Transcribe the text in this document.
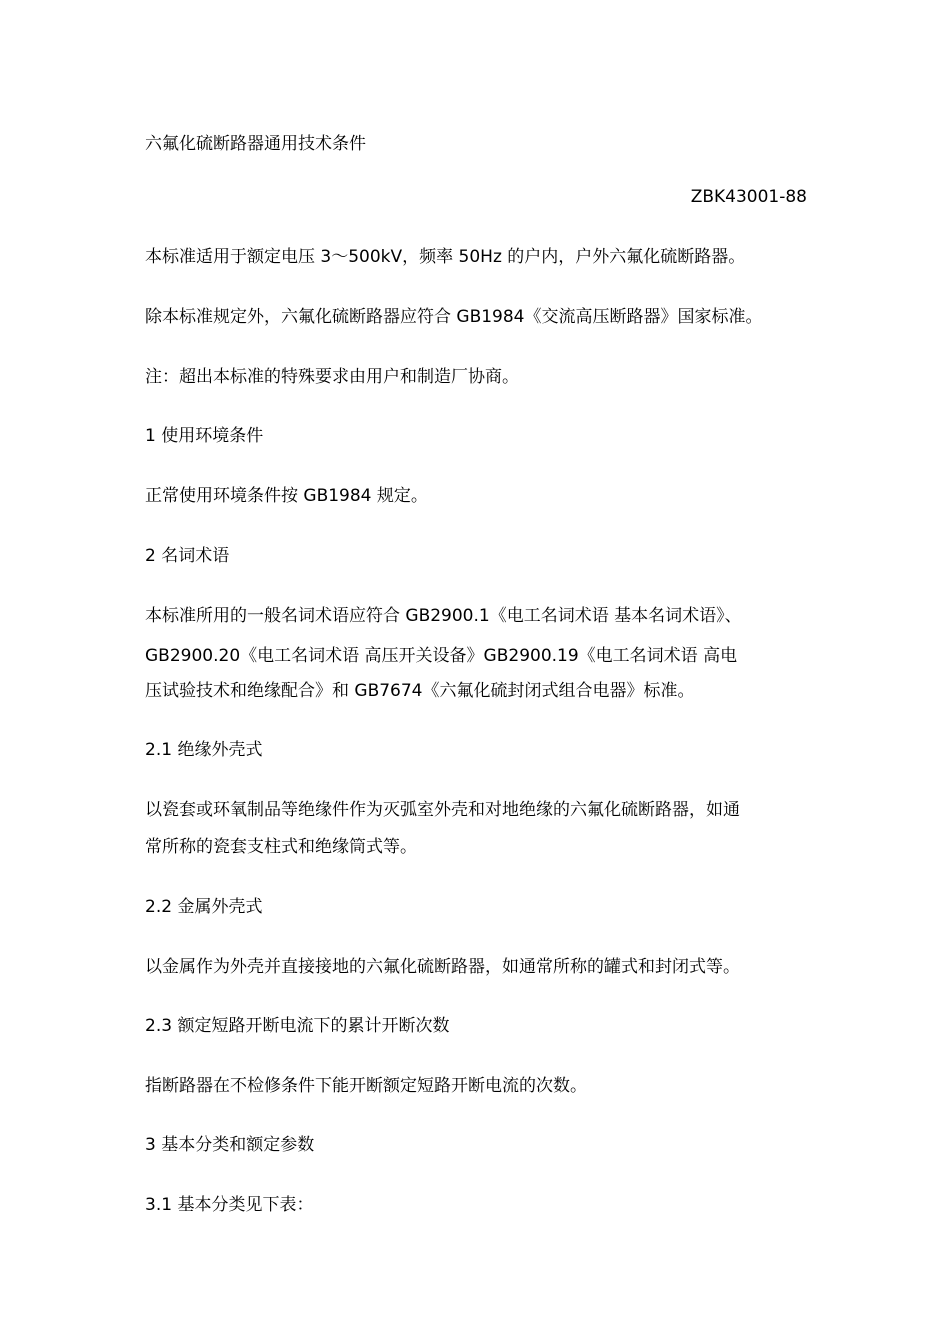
六氟化硫断路器通用技术条件
ZBK43001-88
本标准适用于额定电压 3～500kV，频率 50Hz 的户内，户外六氟化硫断路器。
除本标准规定外，六氟化硫断路器应符合 GB1984《交流高压断路器》国家标准。
注：超出本标准的特殊要求由用户和制造厂协商。
1 使用环境条件
正常使用环境条件按 GB1984 规定。
2 名词术语
本标准所用的一般名词术语应符合 GB2900.1《电工名词术语 基本名词术语》、
GB2900.20《电工名词术语 高压开关设备》GB2900.19《电工名词术语 高电
压试验技术和绝缘配合》和 GB7674《六氟化硫封闭式组合电器》标准。
2.1 绝缘外壳式
以瓷套或环氧制品等绝缘件作为灭弧室外壳和对地绝缘的六氟化硫断路器，如通
常所称的瓷套支柱式和绝缘筒式等。
2.2 金属外壳式
以金属作为外壳并直接接地的六氟化硫断路器，如通常所称的罐式和封闭式等。
2.3 额定短路开断电流下的累计开断次数
指断路器在不检修条件下能开断额定短路开断电流的次数。
3 基本分类和额定参数
3.1 基本分类见下表：
